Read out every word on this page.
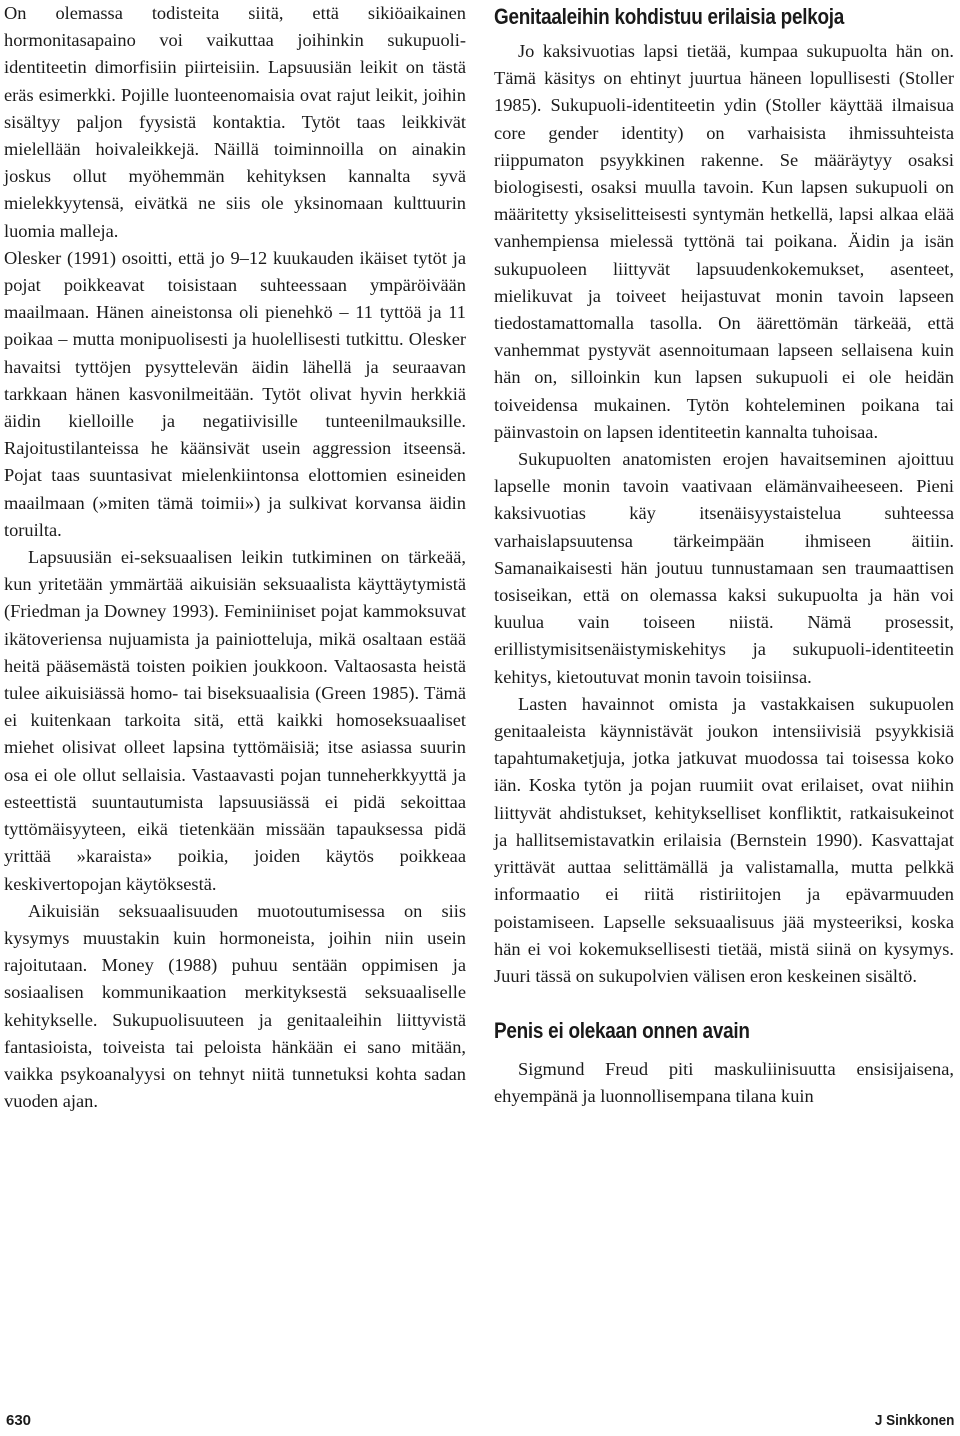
On olemassa todisteita siitä, että sikiöaikainen hormonitasapaino voi vaikuttaa joihinkin sukupuoli-identiteetin dimorfisiin piirteisiin. Lapsuusiän leikit on tästä eräs esimerkki. Pojille luonteenomaisia ovat rajut leikit, joihin sisältyy paljon fyysistä kontaktia. Tytöt taas leikkivät mielellään hoivaleikkejä. Näillä toiminnoilla on ainakin joskus ollut myöhemmän kehityksen kannalta syvä mielekkyytensä, eivätkä ne siis ole yksinomaan kulttuurin luomia malleja.

Olesker (1991) osoitti, että jo 9–12 kuukauden ikäiset tytöt ja pojat poikkeavat toisistaan suhteessaan ympäröivään maailmaan. Hänen aineistonsa oli pienehkö – 11 tyttöä ja 11 poikaa – mutta monipuolisesti ja huolellisesti tutkittu. Olesker havaitsi tyttöjen pysyttelevän äidin lähellä ja seuraavan tarkkaan hänen kasvonilmeitään. Tytöt olivat hyvin herkkiä äidin kielloille ja negatiivisille tunteenilmauksille. Rajoitustilanteissa he käänsivät usein aggression itseensä. Pojat taas suuntasivat mielenkiintonsa elottomien esineiden maailmaan (»miten tämä toimii») ja sulkivat korvansa äidin toruilta.

Lapsuusiän ei-seksuaalisen leikin tutkiminen on tärkeää, kun yritetään ymmärtää aikuisiän seksuaalista käyttäytymistä (Friedman ja Downey 1993). Feminiiniset pojat kammoksuvat ikätoveriensa nujuamista ja painiotteluja, mikä osaltaan estää heitä pääsemästä toisten poikien joukkoon. Valtaosasta heistä tulee aikuisiässä homo- tai biseksuaalisia (Green 1985). Tämä ei kuitenkaan tarkoita sitä, että kaikki homoseksuaaliset miehet olisivat olleet lapsina tyttömäisiä; itse asiassa suurin osa ei ole ollut sellaisia. Vastaavasti pojan tunneherkkyyttä ja esteettistä suuntautumista lapsuusiässä ei pidä sekoittaa tyttömäisyyteen, eikä tietenkään missään tapauksessa pidä yrittää »karaista» poikia, joiden käytös poikkeaa keskivertopojan käytöksestä.

Aikuisiän seksuaalisuuden muotoutumisessa on siis kysymys muustakin kuin hormoneista, joihin niin usein rajoitutaan. Money (1988) puhuu sentään oppimisen ja sosiaalisen kommunikaation merkityksestä seksuaaliselle kehitykselle. Sukupuolisuuteen ja genitaaleihin liittyvistä fantasioista, toiveista tai peloista hänkään ei sano mitään, vaikka psykoanalyysi on tehnyt niitä tunnetuksi kohta sadan vuoden ajan.

Genitaaleihin kohdistuu erilaisia pelkoja

Jo kaksivuotias lapsi tietää, kumpaa sukupuolta hän on. Tämä käsitys on ehtinyt juurtua häneen lopullisesti (Stoller 1985). Sukupuoli-identiteetin ydin (Stoller käyttää ilmaisua core gender identity) on varhaisista ihmissuhteista riippumaton psyykkinen rakenne. Se määräytyy osaksi biologisesti, osaksi muulla tavoin. Kun lapsen sukupuoli on määritetty yksiselitteisesti syntymän hetkellä, lapsi alkaa elää vanhempiensa mielessä tyttönä tai poikana. Äidin ja isän sukupuoleen liittyvät lapsuudenkokemukset, asenteet, mielikuvat ja toiveet heijastuvat monin tavoin lapseen tiedostamattomalla tasolla. On äärettömän tärkeää, että vanhemmat pystyvät asennoitumaan lapseen sellaisena kuin hän on, silloinkin kun lapsen sukupuoli ei ole heidän toiveidensa mukainen. Tytön kohteleminen poikana tai päinvastoin on lapsen identiteetin kannalta tuhoisaa.

Sukupuolten anatomisten erojen havaitseminen ajoittuu lapselle monin tavoin vaativaan elämänvaiheeseen. Pieni kaksivuotias käy itsenäisyystaistelua suhteessa varhaislapsuutensa tärkeimpään ihmiseen äitiin. Samanaikaisesti hän joutuu tunnustamaan sen traumaattisen tosiseikan, että on olemassa kaksi sukupuolta ja hän voi kuulua vain toiseen niistä. Nämä prosessit, erillistymisitsenäistymiskehitys ja sukupuoli-identiteetin kehitys, kietoutuvat monin tavoin toisiinsa.

Lasten havainnot omista ja vastakkaisen sukupuolen genitaaleista käynnistävät joukon intensiivisiä psyykkisiä tapahtumaketjuja, jotka jatkuvat muodossa tai toisessa koko iän. Koska tytön ja pojan ruumiit ovat erilaiset, ovat niihin liittyvät ahdistukset, kehitykselliset konfliktit, ratkaisukeinot ja hallitsemistavatkin erilaisia (Bernstein 1990). Kasvattajat yrittävät auttaa selittämällä ja valistamalla, mutta pelkkä informaatio ei riitä ristiriitojen ja epävarmuuden poistamiseen. Lapselle seksuaalisuus jää mysteeriksi, koska hän ei voi kokemuksellisesti tietää, mistä siinä on kysymys. Juuri tässä on sukupolvien välisen eron keskeinen sisältö.

Penis ei olekaan onnen avain

Sigmund Freud piti maskuliinisuutta ensisijaisena, ehyempänä ja luonnollisempana tilana kuin

630	J Sinkkonen
